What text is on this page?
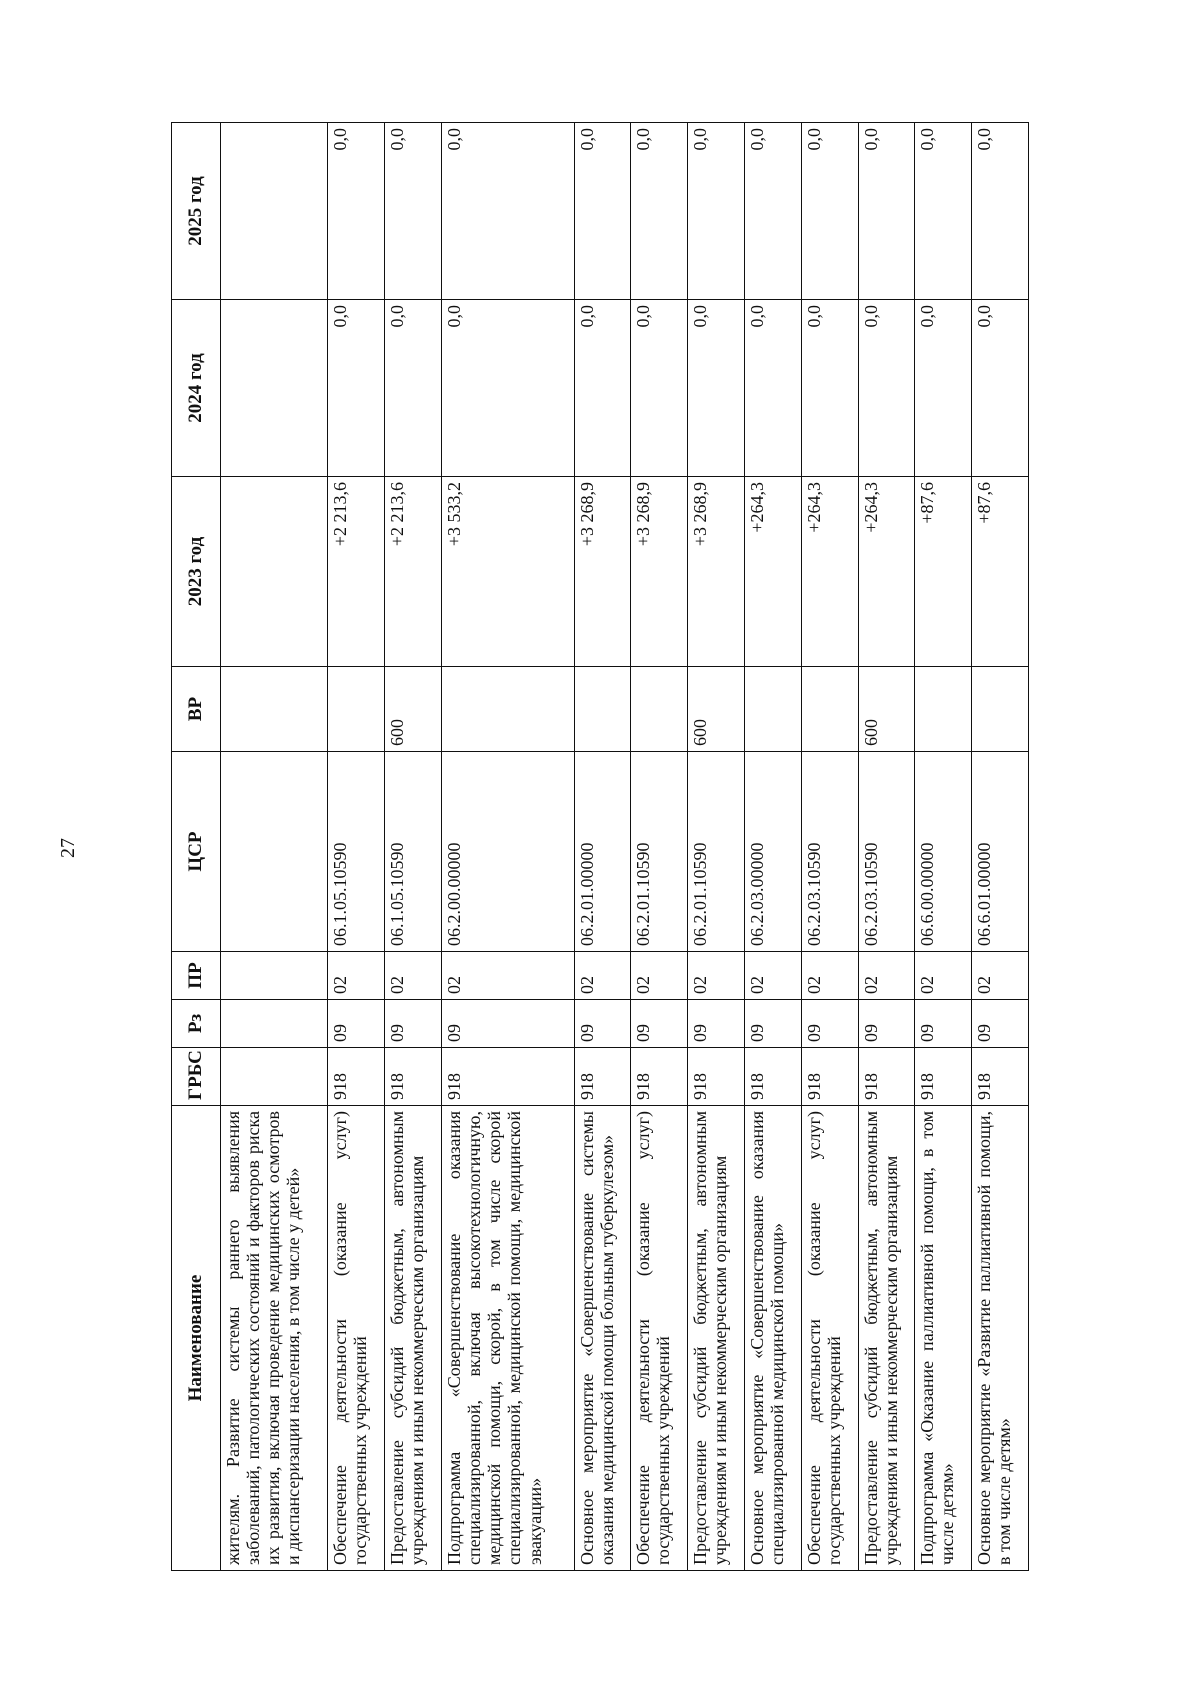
27
Наименование	ГРБС	Рз	ПР	ЦСР	ВР	2023 год	2024 год	2025 год
жителям. Развитие системы раннего выявления заболеваний, патологических состояний и факторов риска их развития, включая проведение медицинских осмотров и диспансеризации населения, в том числе у детей»								
Обеспечение деятельности (оказание услуг) государственных учреждений	918	09	02	06.1.05.10590		+2 213,6	0,0	0,0
Предоставление субсидий бюджетным, автономным учреждениям и иным некоммерческим организациям	918	09	02	06.1.05.10590	600	+2 213,6	0,0	0,0
Подпрограмма «Совершенствование оказания специализированной, включая высокотехнологичную, медицинской помощи, скорой, в том числе скорой специализированной, медицинской помощи, медицинской эвакуации»	918	09	02	06.2.00.00000		+3 533,2	0,0	0,0
Основное мероприятие «Совершенствование системы оказания медицинской помощи больным туберкулезом»	918	09	02	06.2.01.00000		+3 268,9	0,0	0,0
Обеспечение деятельности (оказание услуг) государственных учреждений	918	09	02	06.2.01.10590		+3 268,9	0,0	0,0
Предоставление субсидий бюджетным, автономным учреждениям и иным некоммерческим организациям	918	09	02	06.2.01.10590	600	+3 268,9	0,0	0,0
Основное мероприятие «Совершенствование оказания специализированной медицинской помощи»	918	09	02	06.2.03.00000		+264,3	0,0	0,0
Обеспечение деятельности (оказание услуг) государственных учреждений	918	09	02	06.2.03.10590		+264,3	0,0	0,0
Предоставление субсидий бюджетным, автономным учреждениям и иным некоммерческим организациям	918	09	02	06.2.03.10590	600	+264,3	0,0	0,0
Подпрограмма «Оказание паллиативной помощи, в том числе детям»	918	09	02	06.6.00.00000		+87,6	0,0	0,0
Основное мероприятие «Развитие паллиативной помощи, в том числе детям»	918	09	02	06.6.01.00000		+87,6	0,0	0,0
